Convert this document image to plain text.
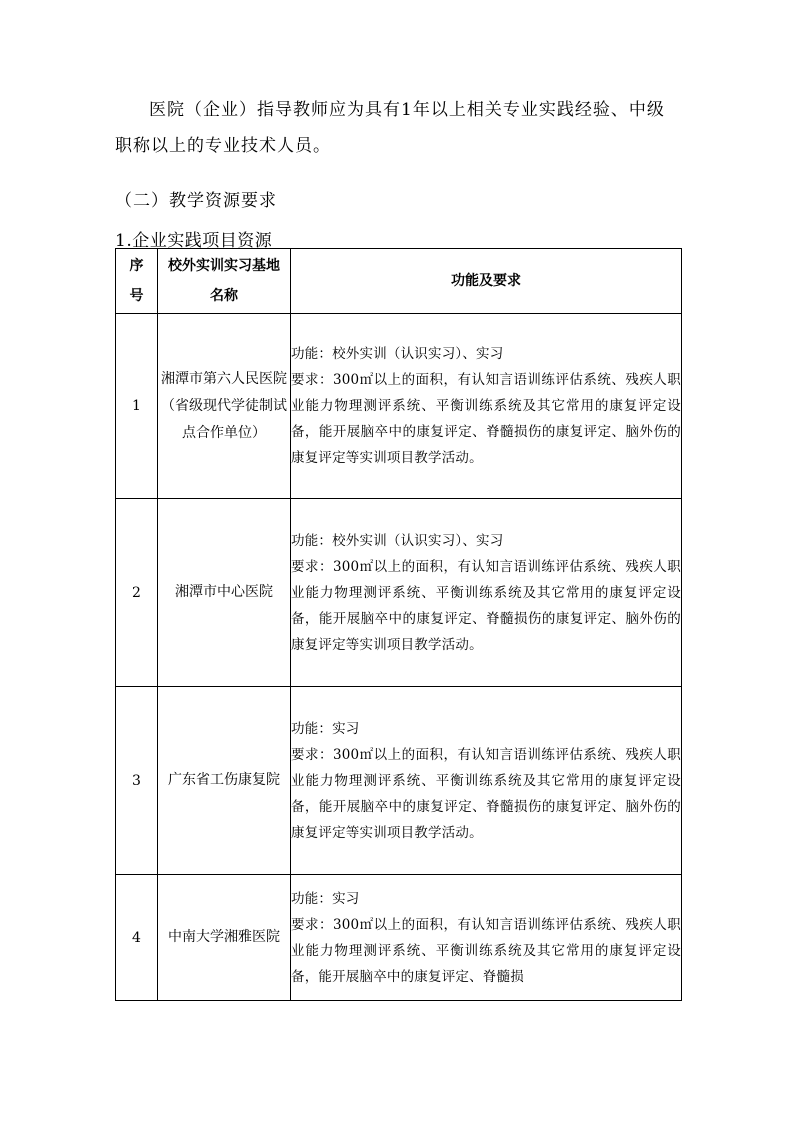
医院（企业）指导教师应为具有1年以上相关专业实践经验、中级职称以上的专业技术人员。

（二）教学资源要求

1.企业实践项目资源

序号	校外实训实习基地名称	功能及要求

1	湘潭市第六人民医院（省级现代学徒制试点合作单位）	功能：校外实训（认识实习）、实习
要求：300㎡以上的面积，有认知言语训练评估系统、残疾人职业能力物理测评系统、平衡训练系统及其它常用的康复评定设备，能开展脑卒中的康复评定、脊髓损伤的康复评定、脑外伤的康复评定等实训项目教学活动。

2	湘潭市中心医院	功能：校外实训（认识实习）、实习
要求：300㎡以上的面积，有认知言语训练评估系统、残疾人职业能力物理测评系统、平衡训练系统及其它常用的康复评定设备，能开展脑卒中的康复评定、脊髓损伤的康复评定、脑外伤的康复评定等实训项目教学活动。

3	广东省工伤康复院	功能：实习
要求：300㎡以上的面积，有认知言语训练评估系统、残疾人职业能力物理测评系统、平衡训练系统及其它常用的康复评定设备，能开展脑卒中的康复评定、脊髓损伤的康复评定、脑外伤的康复评定等实训项目教学活动。

4	中南大学湘雅医院	功能：实习
要求：300㎡以上的面积，有认知言语训练评估系统、残疾人职业能力物理测评系统、平衡训练系统及其它常用的康复评定设备，能开展脑卒中的康复评定、脊髓损
